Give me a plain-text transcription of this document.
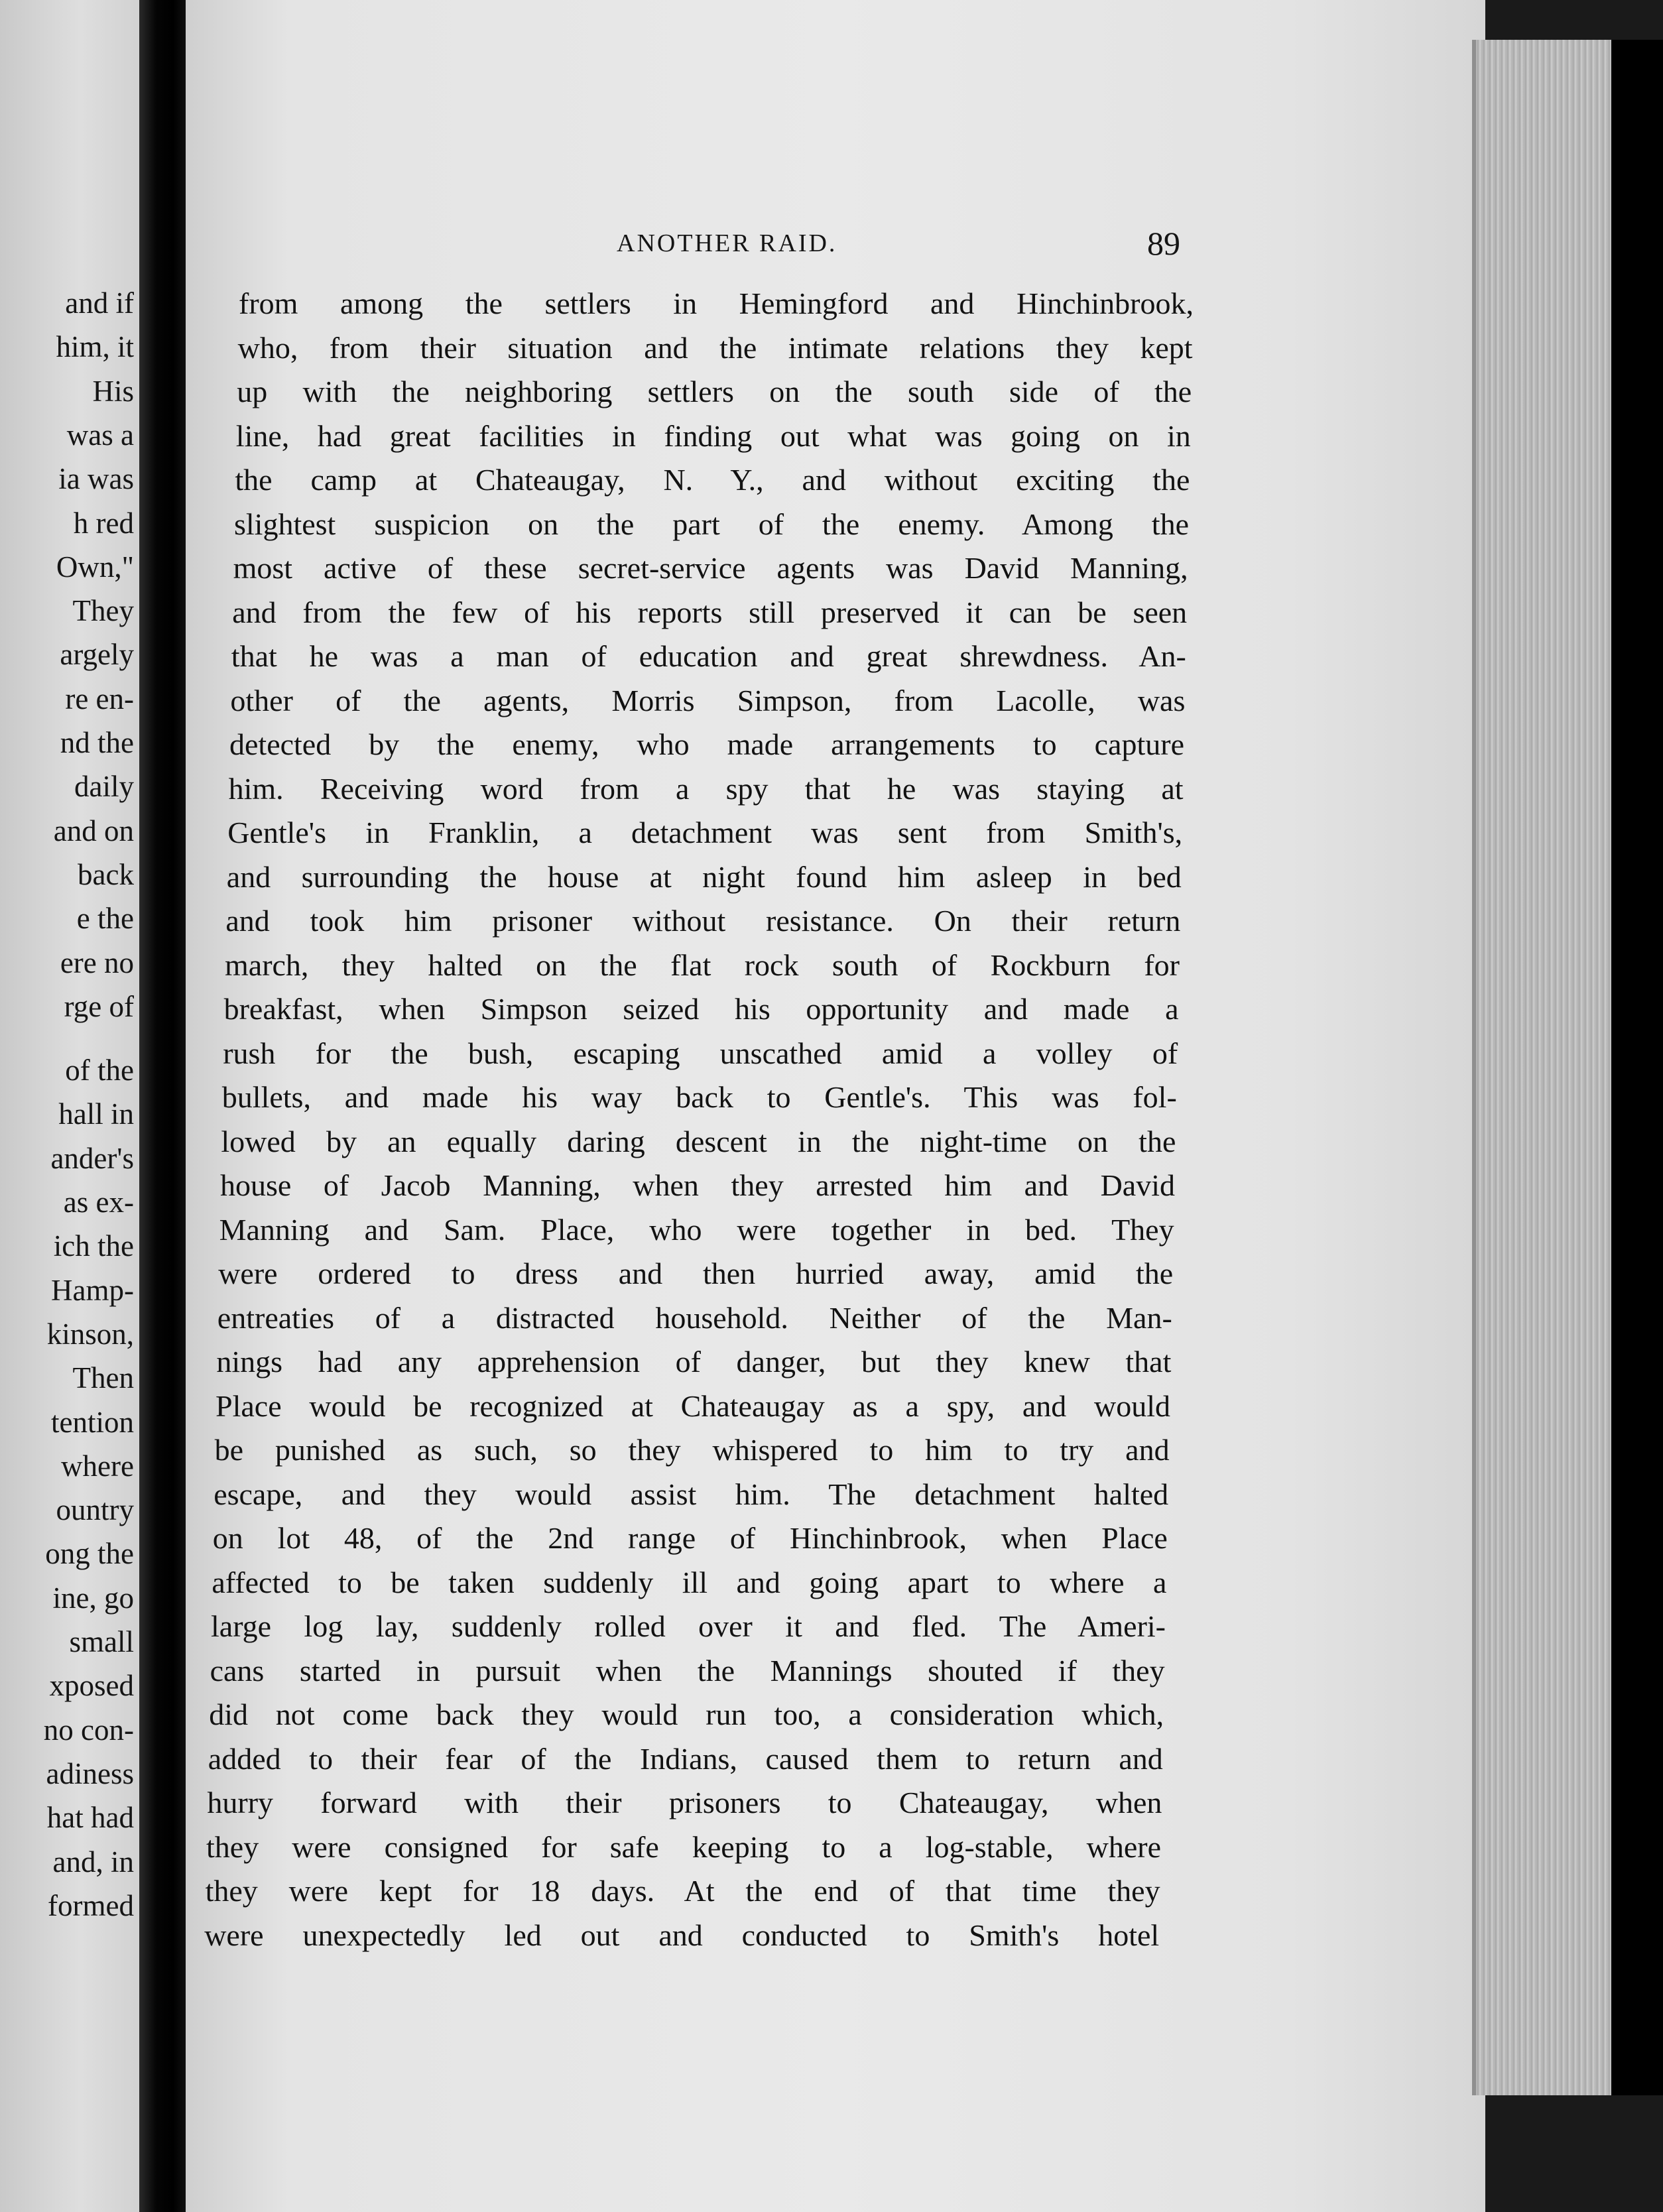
and if
him, it
His
was a
ia was
h red
Own,"
They
argely
re en-
nd the
daily
and on
back
e the
ere no
rge of
of the
hall in
ander's
as ex-
ich the
Hamp-
kinson,
Then
tention
where
ountry
ong the
ine, go
small
xposed
no con-
adiness
hat had
and, in
formed
ANOTHER RAID.	89
from among the settlers in Hemingford and Hinchinbrook,
who, from their situation and the intimate relations they kept
up with the neighboring settlers on the south side of the
line, had great facilities in finding out what was going on in
the camp at Chateaugay, N. Y., and without exciting the
slightest suspicion on the part of the enemy. Among the
most active of these secret-service agents was David Manning,
and from the few of his reports still preserved it can be seen
that he was a man of education and great shrewdness. An-
other of the agents, Morris Simpson, from Lacolle, was
detected by the enemy, who made arrangements to capture
him. Receiving word from a spy that he was staying at
Gentle's in Franklin, a detachment was sent from Smith's,
and surrounding the house at night found him asleep in bed
and took him prisoner without resistance. On their return
march, they halted on the flat rock south of Rockburn for
breakfast, when Simpson seized his opportunity and made a
rush for the bush, escaping unscathed amid a volley of
bullets, and made his way back to Gentle's. This was fol-
lowed by an equally daring descent in the night-time on the
house of Jacob Manning, when they arrested him and David
Manning and Sam. Place, who were together in bed. They
were ordered to dress and then hurried away, amid the
entreaties of a distracted household. Neither of the Man-
nings had any apprehension of danger, but they knew that
Place would be recognized at Chateaugay as a spy, and would
be punished as such, so they whispered to him to try and
escape, and they would assist him. The detachment halted
on lot 48, of the 2nd range of Hinchinbrook, when Place
affected to be taken suddenly ill and going apart to where a
large log lay, suddenly rolled over it and fled. The Ameri-
cans started in pursuit when the Mannings shouted if they
did not come back they would run too, a consideration which,
added to their fear of the Indians, caused them to return and
hurry forward with their prisoners to Chateaugay, when
they were consigned for safe keeping to a log-stable, where
they were kept for 18 days. At the end of that time they
were unexpectedly led out and conducted to Smith's hotel
